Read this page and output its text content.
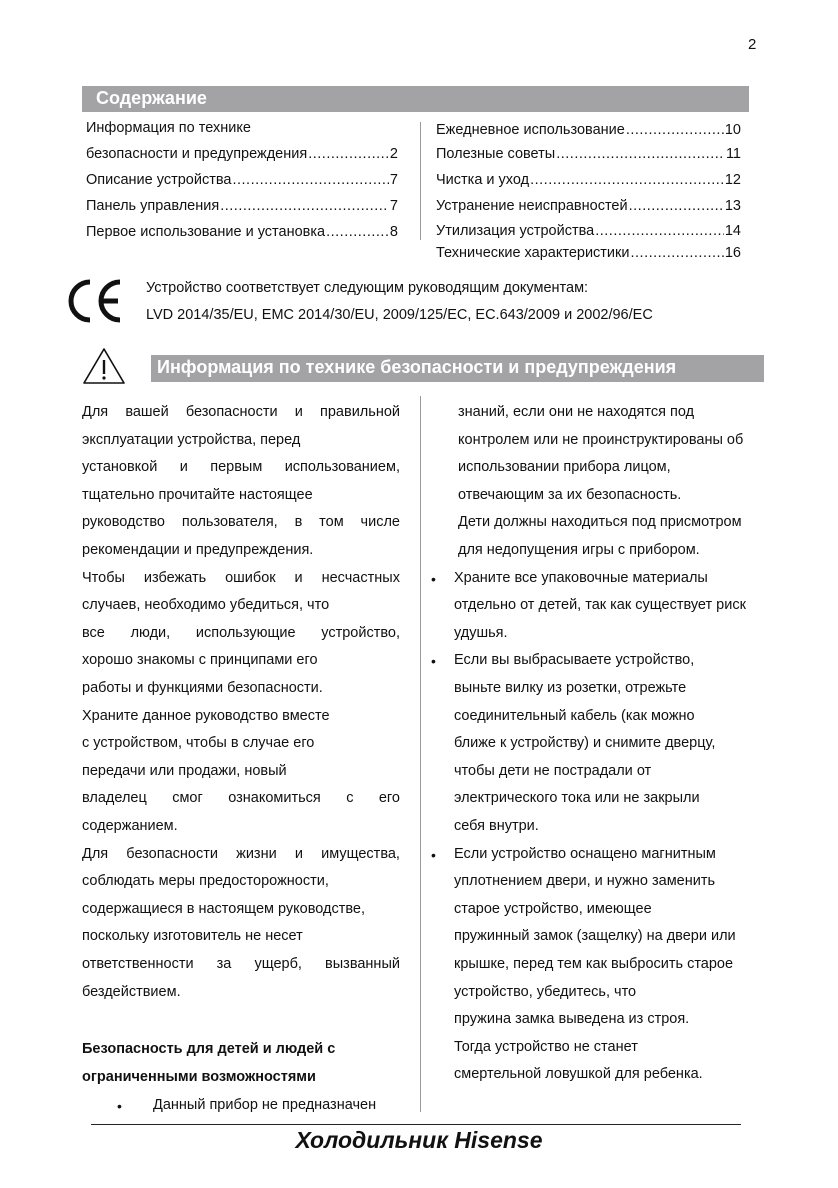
2
Содержание
Информация по технике
безопасности и предупреждения .....	2
Описание устройства .....	7
Панель управления .....	7
Первое использование и установка .....	8
Ежедневное использование .....	10
Полезные советы .....	11
Чистка и уход .....	12
Устранение неисправностей .....	13
Утилизация устройства .....	14
Технические характеристики .....	16
Устройство соответствует следующим руководящим документам:
LVD 2014/35/EU, EMC 2014/30/EU, 2009/125/EC, EC.643/2009 и 2002/96/EC
Информация по технике безопасности и предупреждения
Для вашей безопасности и правильной
эксплуатации устройства, перед
установкой и первым использованием,
тщательно прочитайте настоящее
руководство пользователя, в том числе
рекомендации и предупреждения.
Чтобы избежать ошибок и несчастных
случаев, необходимо убедиться, что
все люди, использующие устройство,
хорошо знакомы с принципами его
работы и функциями безопасности.
Храните данное руководство вместе
с устройством, чтобы в случае его
передачи или продажи, новый
владелец смог ознакомиться с его
содержанием.
Для безопасности жизни и имущества,
соблюдать меры предосторожности,
содержащиеся в настоящем руководстве,
поскольку изготовитель не несет
ответственности за ущерб, вызванный
бездействием.
Безопасность для детей и людей с
ограниченными возможностями
• Данный прибор не предназначен
знаний, если они не находятся под
контролем или не проинструктированы об
использовании прибора лицом,
отвечающим за их безопасность.
Дети должны находиться под присмотром
для недопущения игры с прибором.
• Храните все упаковочные материалы
отдельно от детей, так как существует риск
удушья.
• Если вы выбрасываете устройство,
выньте вилку из розетки, отрежьте
соединительный кабель (как можно
ближе к устройству) и снимите дверцу,
чтобы дети не пострадали от
электрического тока или не закрыли
себя внутри.
• Если устройство оснащено магнитным
уплотнением двери, и нужно заменить
старое устройство, имеющее
пружинный замок (защелку) на двери или
крышке, перед тем как выбросить старое
устройство, убедитесь, что
пружина замка выведена из строя.
Тогда устройство не станет
смертельной ловушкой для ребенка.
Холодильник Hisense
